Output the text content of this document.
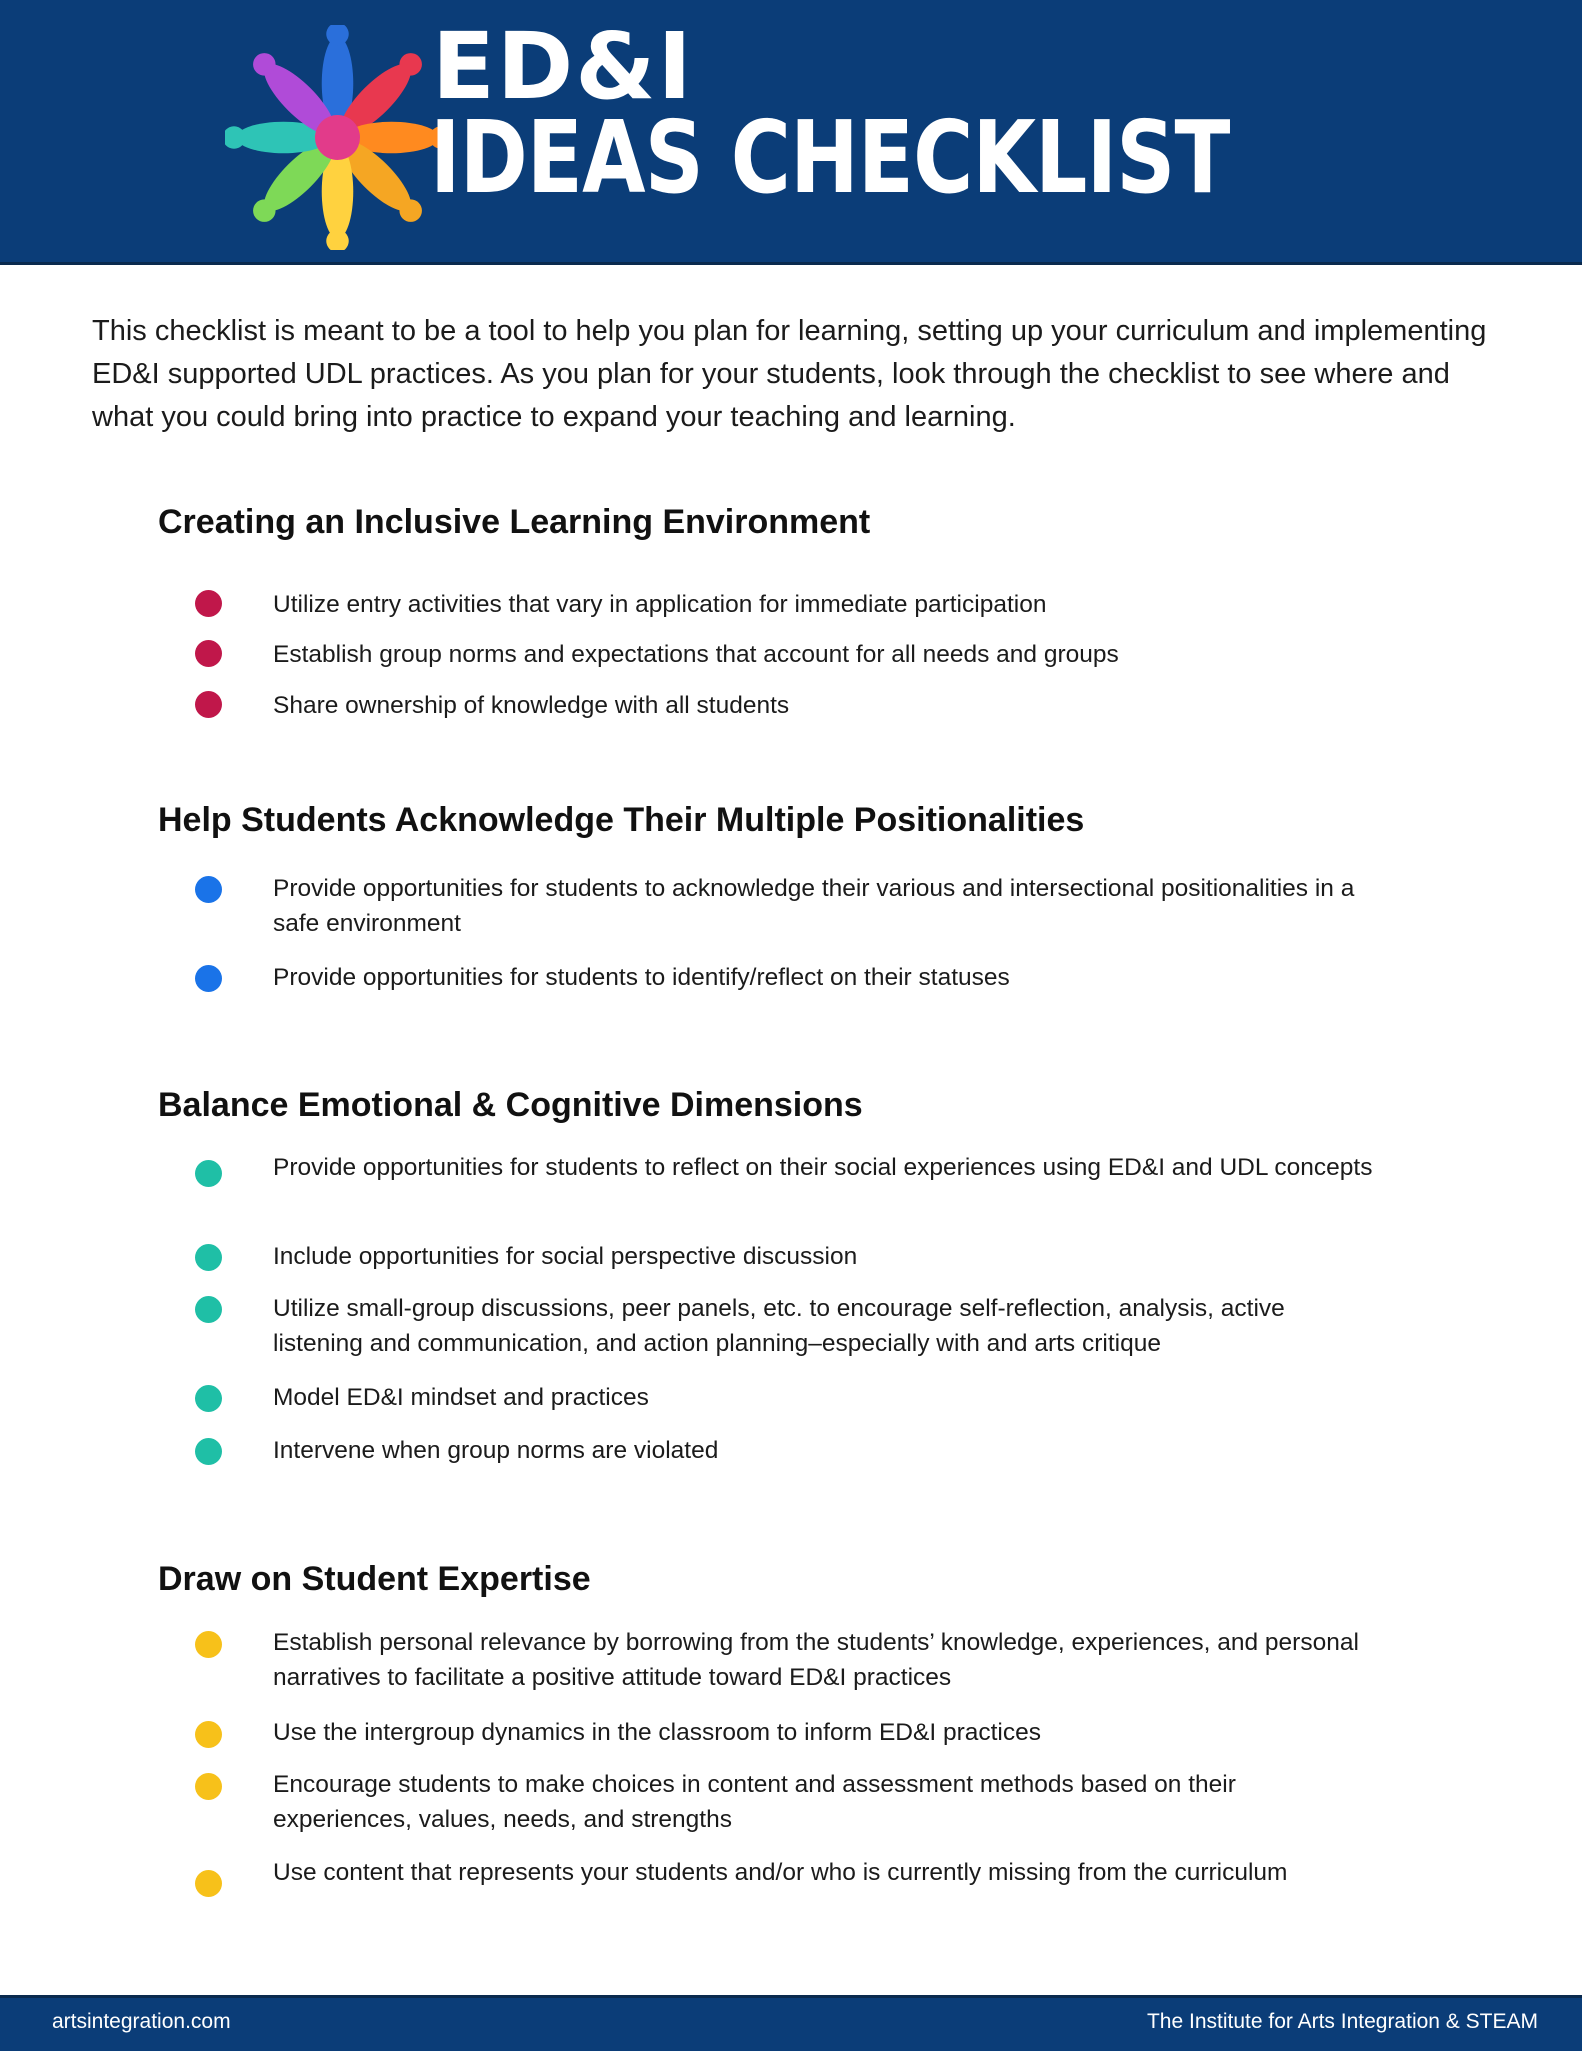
ED&I
IDEAS CHECKLIST

This checklist is meant to be a tool to help you plan for learning, setting up your curriculum and implementing ED&I supported UDL practices. As you plan for your students, look through the checklist to see where and what you could bring into practice to expand your teaching and learning.

Creating an Inclusive Learning Environment
Utilize entry activities that vary in application for immediate participation
Establish group norms and expectations that account for all needs and groups
Share ownership of knowledge with all students
Help Students Acknowledge Their Multiple Positionalities
Provide opportunities for students to acknowledge their various and intersectional positionalities in a safe environment
Provide opportunities for students to identify/reflect on their statuses
Balance Emotional & Cognitive Dimensions
Provide opportunities for students to reflect on their social experiences using ED&I and UDL concepts
Include opportunities for social perspective discussion
Utilize small-group discussions, peer panels, etc. to encourage self-reflection, analysis, active listening and communication, and action planning–especially with and arts critique
Model ED&I mindset and practices
Intervene when group norms are violated
Draw on Student Expertise
Establish personal relevance by borrowing from the students’ knowledge, experiences, and personal narratives to facilitate a positive attitude toward ED&I practices
Use the intergroup dynamics in the classroom to inform ED&I practices
Encourage students to make choices in content and assessment methods based on their experiences, values, needs, and strengths
Use content that represents your students and/or who is currently missing from the curriculum
artsintegration.com	The Institute for Arts Integration & STEAM
